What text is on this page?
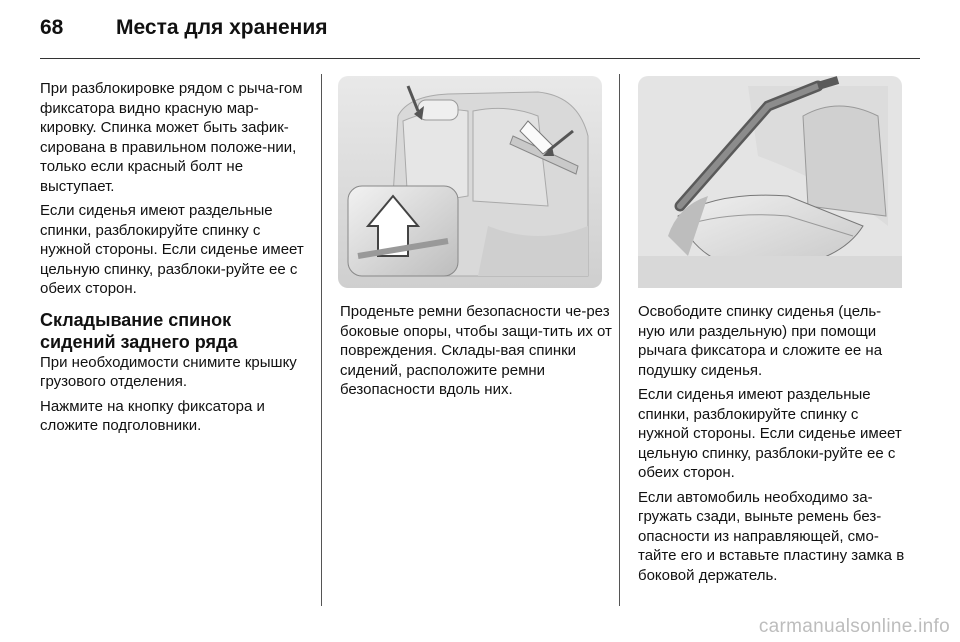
68	Места для хранения

При разблокировке рядом с рыча-гом фиксатора видно красную мар-кировку. Спинка может быть зафик-сирована в правильном положе-нии, только если красный болт не выступает.

Если сиденья имеют раздельные спинки, разблокируйте спинку с нужной стороны. Если сиденье имеет цельную спинку, разблоки-руйте ее с обеих сторон.

Складывание спинок сидений заднего ряда

При необходимости снимите крышку грузового отделения.

Нажмите на кнопку фиксатора и сложите подголовники.

Проденьте ремни безопасности че-рез боковые опоры, чтобы защи-тить их от повреждения. Склады-вая спинки сидений, расположите ремни безопасности вдоль них.

Освободите спинку сиденья (цель-ную или раздельную) при помощи рычага фиксатора и сложите ее на подушку сиденья.

Если сиденья имеют раздельные спинки, разблокируйте спинку с нужной стороны. Если сиденье имеет цельную спинку, разблоки-руйте ее с обеих сторон.

Если автомобиль необходимо за-гружать сзади, выньте ремень без-опасности из направляющей, смо-тайте его и вставьте пластину замка в боковой держатель.

carmanualsonline.info
